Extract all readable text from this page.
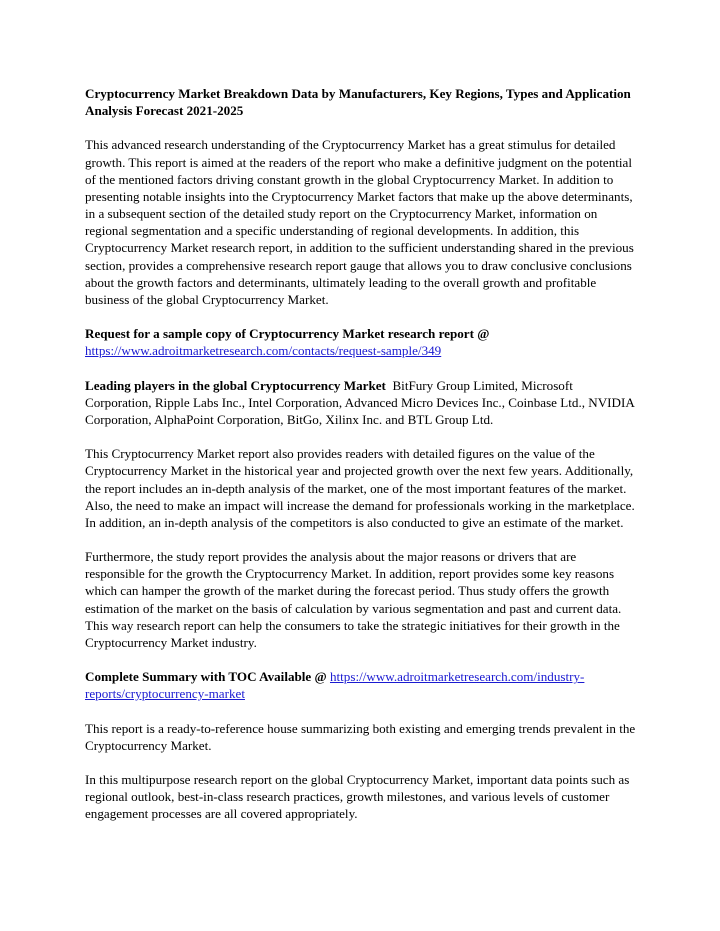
Cryptocurrency Market Breakdown Data by Manufacturers, Key Regions, Types and Application Analysis Forecast 2021-2025
This advanced research understanding of the Cryptocurrency Market has a great stimulus for detailed growth. This report is aimed at the readers of the report who make a definitive judgment on the potential of the mentioned factors driving constant growth in the global Cryptocurrency Market. In addition to presenting notable insights into the Cryptocurrency Market factors that make up the above determinants, in a subsequent section of the detailed study report on the Cryptocurrency Market, information on regional segmentation and a specific understanding of regional developments. In addition, this Cryptocurrency Market research report, in addition to the sufficient understanding shared in the previous section, provides a comprehensive research report gauge that allows you to draw conclusive conclusions about the growth factors and determinants, ultimately leading to the overall growth and profitable business of the global Cryptocurrency Market.
Request for a sample copy of Cryptocurrency Market research report @ https://www.adroitmarketresearch.com/contacts/request-sample/349
Leading players in the global Cryptocurrency Market BitFury Group Limited, Microsoft Corporation, Ripple Labs Inc., Intel Corporation, Advanced Micro Devices Inc., Coinbase Ltd., NVIDIA Corporation, AlphaPoint Corporation, BitGo, Xilinx Inc. and BTL Group Ltd.
This Cryptocurrency Market report also provides readers with detailed figures on the value of the Cryptocurrency Market in the historical year and projected growth over the next few years. Additionally, the report includes an in-depth analysis of the market, one of the most important features of the market. Also, the need to make an impact will increase the demand for professionals working in the marketplace. In addition, an in-depth analysis of the competitors is also conducted to give an estimate of the market.
Furthermore, the study report provides the analysis about the major reasons or drivers that are responsible for the growth the Cryptocurrency Market. In addition, report provides some key reasons which can hamper the growth of the market during the forecast period. Thus study offers the growth estimation of the market on the basis of calculation by various segmentation and past and current data. This way research report can help the consumers to take the strategic initiatives for their growth in the Cryptocurrency Market industry.
Complete Summary with TOC Available @ https://www.adroitmarketresearch.com/industry-reports/cryptocurrency-market
This report is a ready-to-reference house summarizing both existing and emerging trends prevalent in the Cryptocurrency Market.
In this multipurpose research report on the global Cryptocurrency Market, important data points such as regional outlook, best-in-class research practices, growth milestones, and various levels of customer engagement processes are all covered appropriately.
